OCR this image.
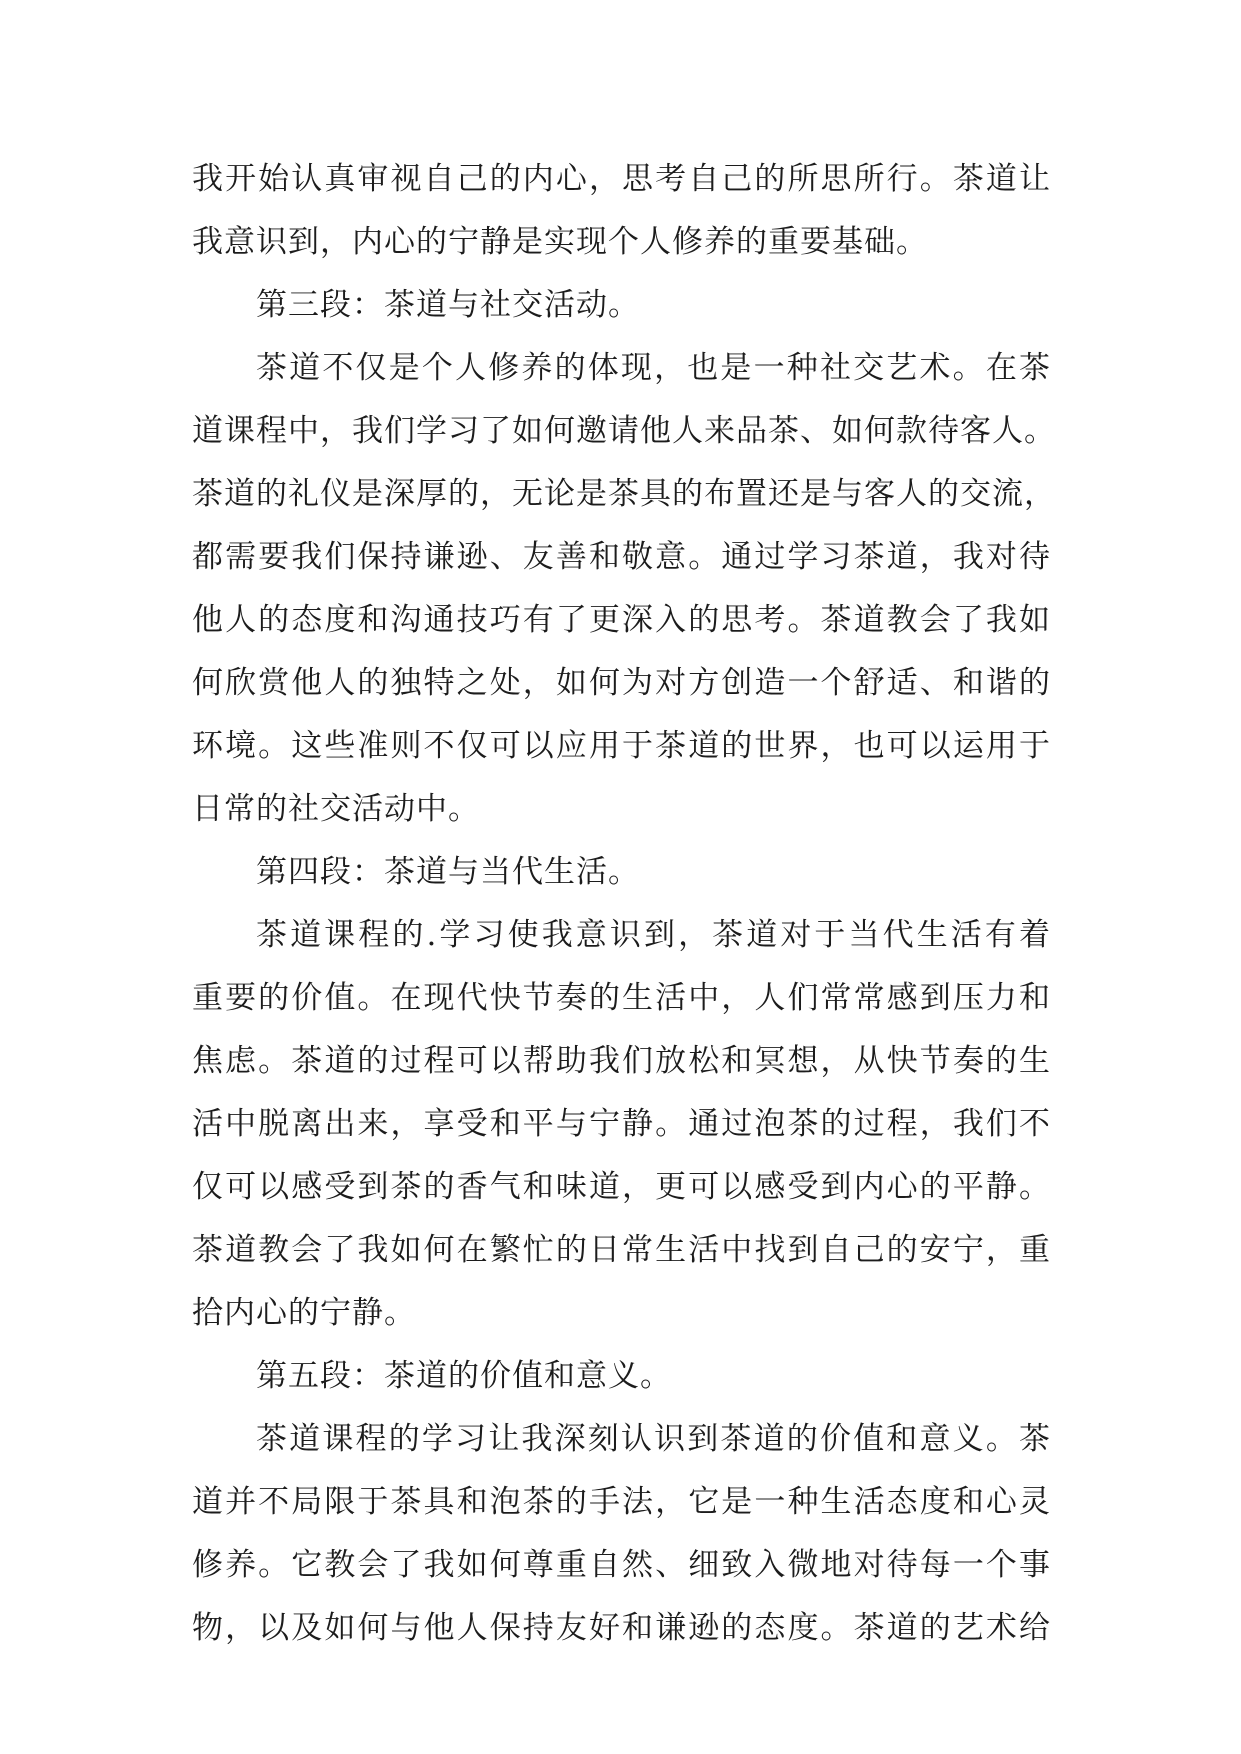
我开始认真审视自己的内心，思考自己的所思所行。茶道让
我意识到，内心的宁静是实现个人修养的重要基础。
第三段：茶道与社交活动。
茶道不仅是个人修养的体现，也是一种社交艺术。在茶
道课程中，我们学习了如何邀请他人来品茶、如何款待客人。
茶道的礼仪是深厚的，无论是茶具的布置还是与客人的交流，
都需要我们保持谦逊、友善和敬意。通过学习茶道，我对待
他人的态度和沟通技巧有了更深入的思考。茶道教会了我如
何欣赏他人的独特之处，如何为对方创造一个舒适、和谐的
环境。这些准则不仅可以应用于茶道的世界，也可以运用于
日常的社交活动中。
第四段：茶道与当代生活。
茶道课程的.学习使我意识到，茶道对于当代生活有着
重要的价值。在现代快节奏的生活中，人们常常感到压力和
焦虑。茶道的过程可以帮助我们放松和冥想，从快节奏的生
活中脱离出来，享受和平与宁静。通过泡茶的过程，我们不
仅可以感受到茶的香气和味道，更可以感受到内心的平静。
茶道教会了我如何在繁忙的日常生活中找到自己的安宁，重
拾内心的宁静。
第五段：茶道的价值和意义。
茶道课程的学习让我深刻认识到茶道的价值和意义。茶
道并不局限于茶具和泡茶的手法，它是一种生活态度和心灵
修养。它教会了我如何尊重自然、细致入微地对待每一个事
物，以及如何与他人保持友好和谦逊的态度。茶道的艺术给
